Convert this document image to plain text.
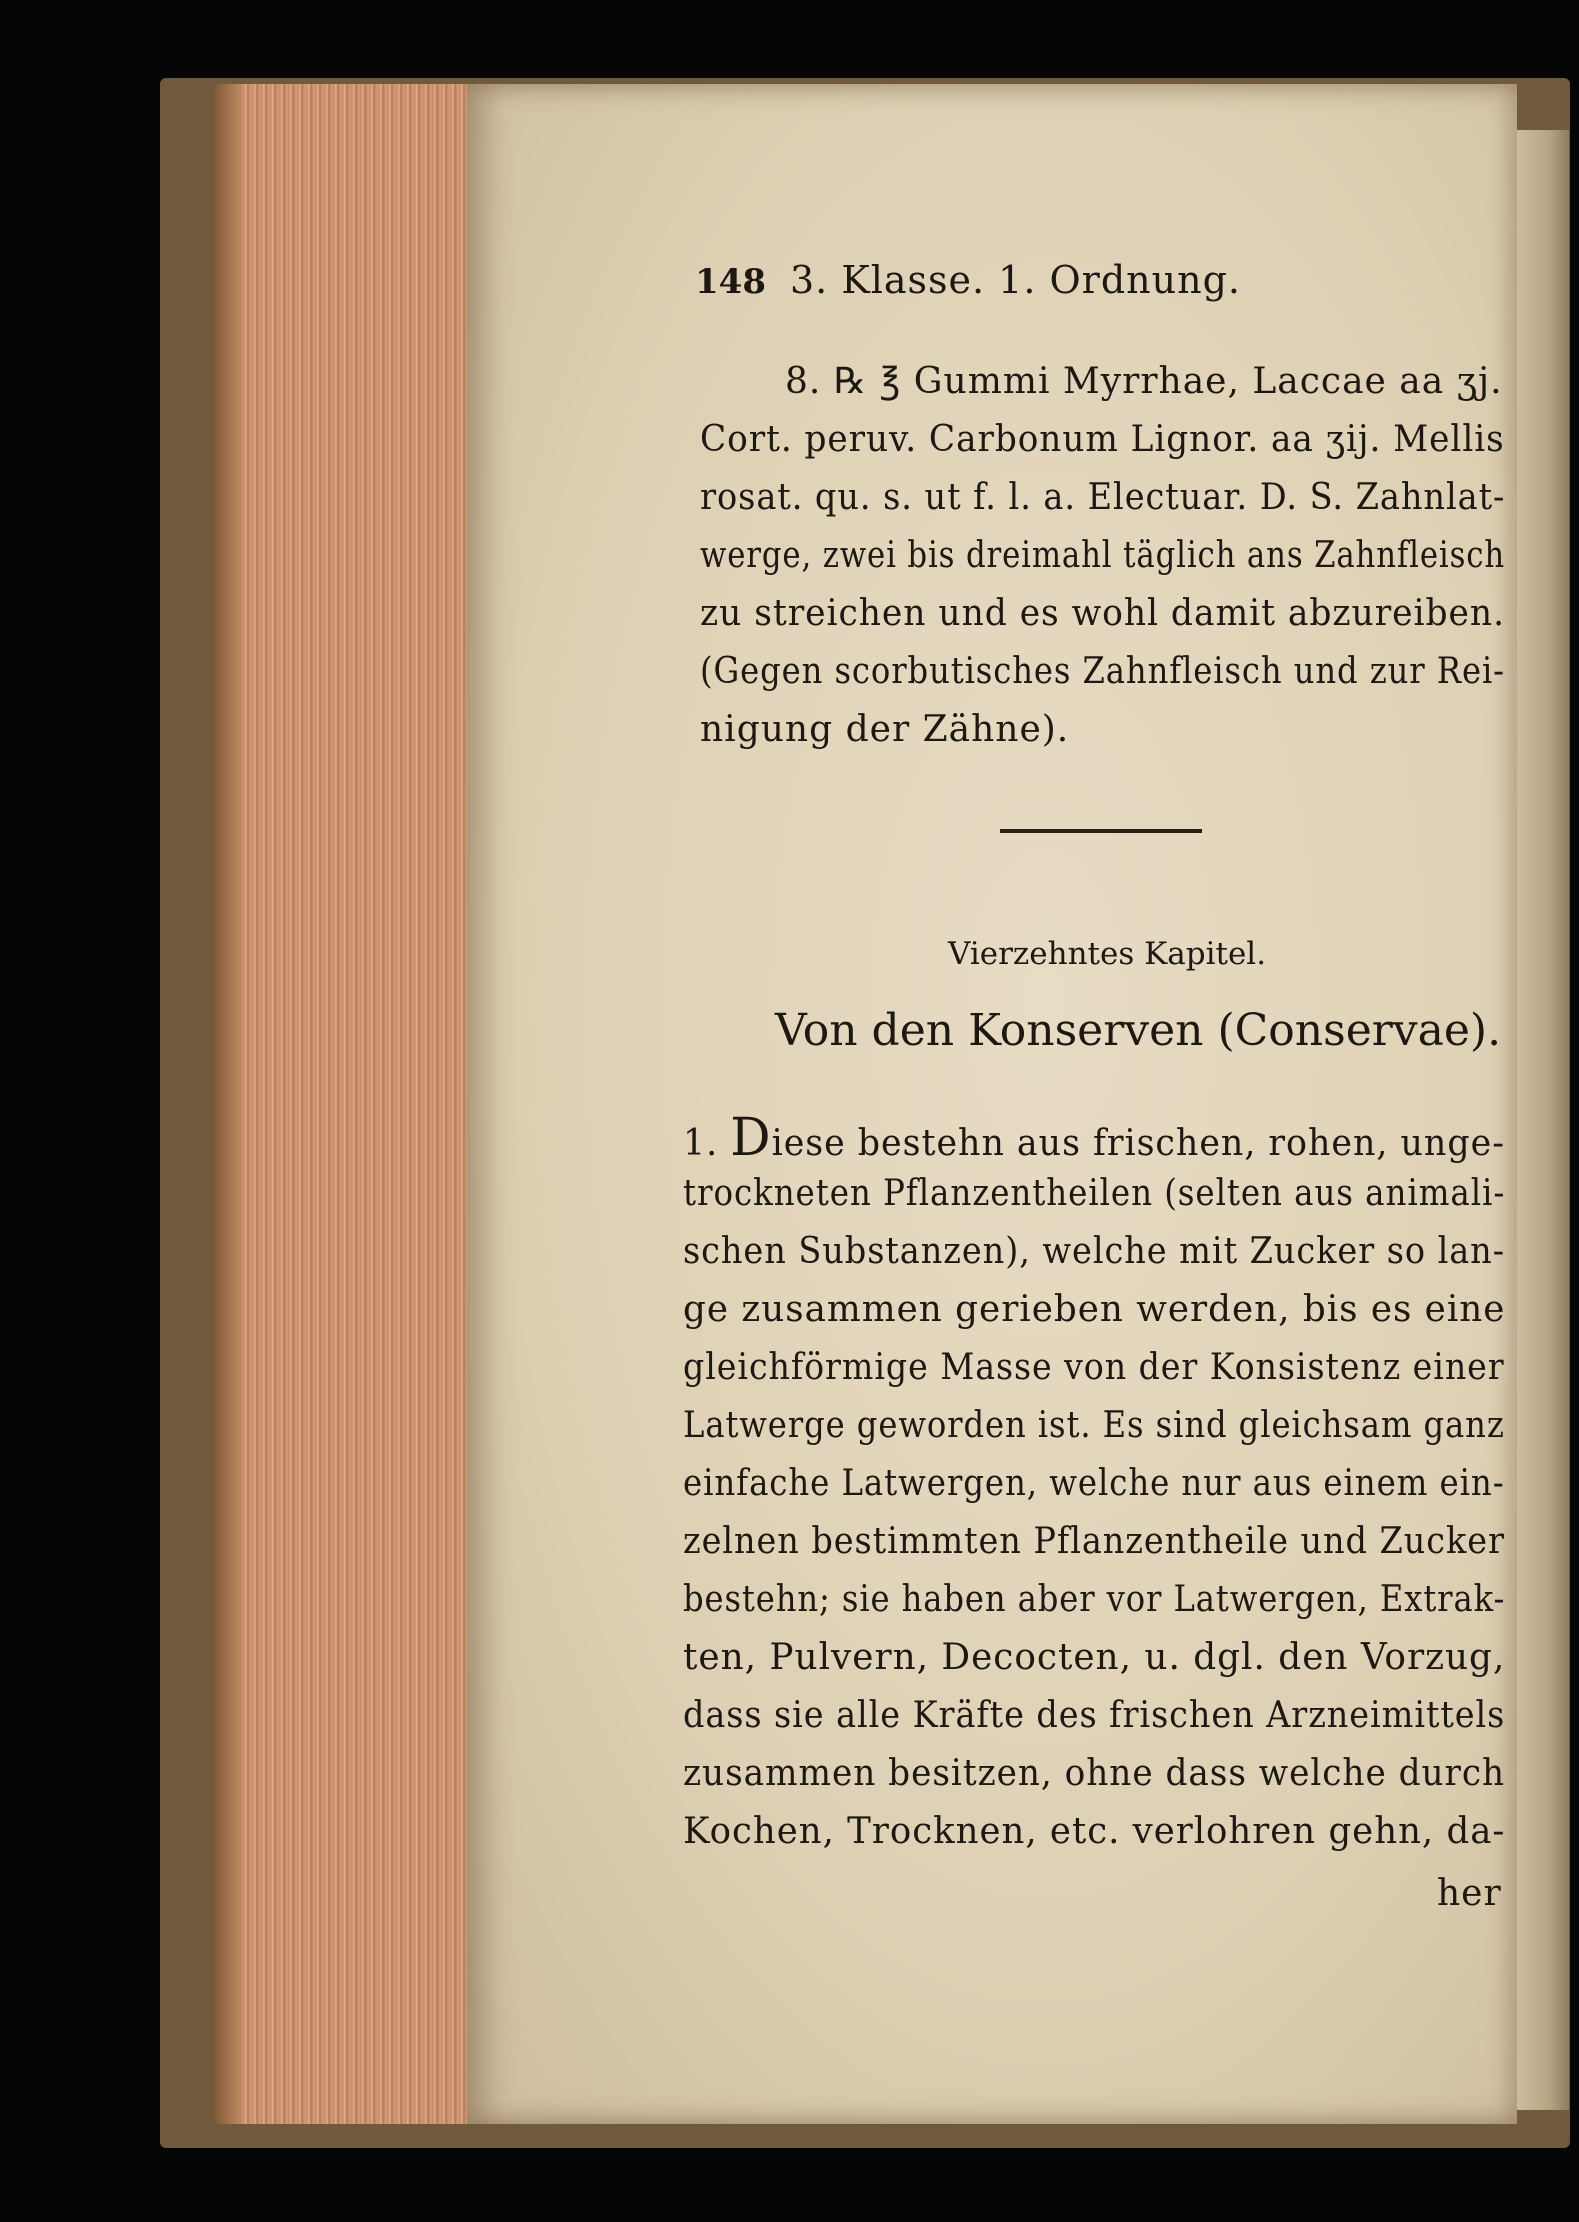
148 3. Klasse. 1. Ordnung.
8. ℞ ℥ Gummi Myrrhae, Laccae aa ʒj.
Cort. peruv. Carbonum Lignor. aa ʒij. Mellis
rosat. qu. s. ut f. l. a. Electuar. D. S. Zahnlat-
werge, zwei bis dreimahl täglich ans Zahnfleisch
zu streichen und es wohl damit abzureiben.
(Gegen scorbutisches Zahnfleisch und zur Rei-
nigung der Zähne).
Vierzehntes Kapitel.
Von den Konserven (Conservae).
1. Diese bestehn aus frischen, rohen, unge-
trockneten Pflanzentheilen (selten aus animali-
schen Substanzen), welche mit Zucker so lan-
ge zusammen gerieben werden, bis es eine
gleichförmige Masse von der Konsistenz einer
Latwerge geworden ist. Es sind gleichsam ganz
einfache Latwergen, welche nur aus einem ein-
zelnen bestimmten Pflanzentheile und Zucker
bestehn; sie haben aber vor Latwergen, Extrak-
ten, Pulvern, Decocten, u. dgl. den Vorzug,
dass sie alle Kräfte des frischen Arzneimittels
zusammen besitzen, ohne dass welche durch
Kochen, Trocknen, etc. verlohren gehn, da-
her
